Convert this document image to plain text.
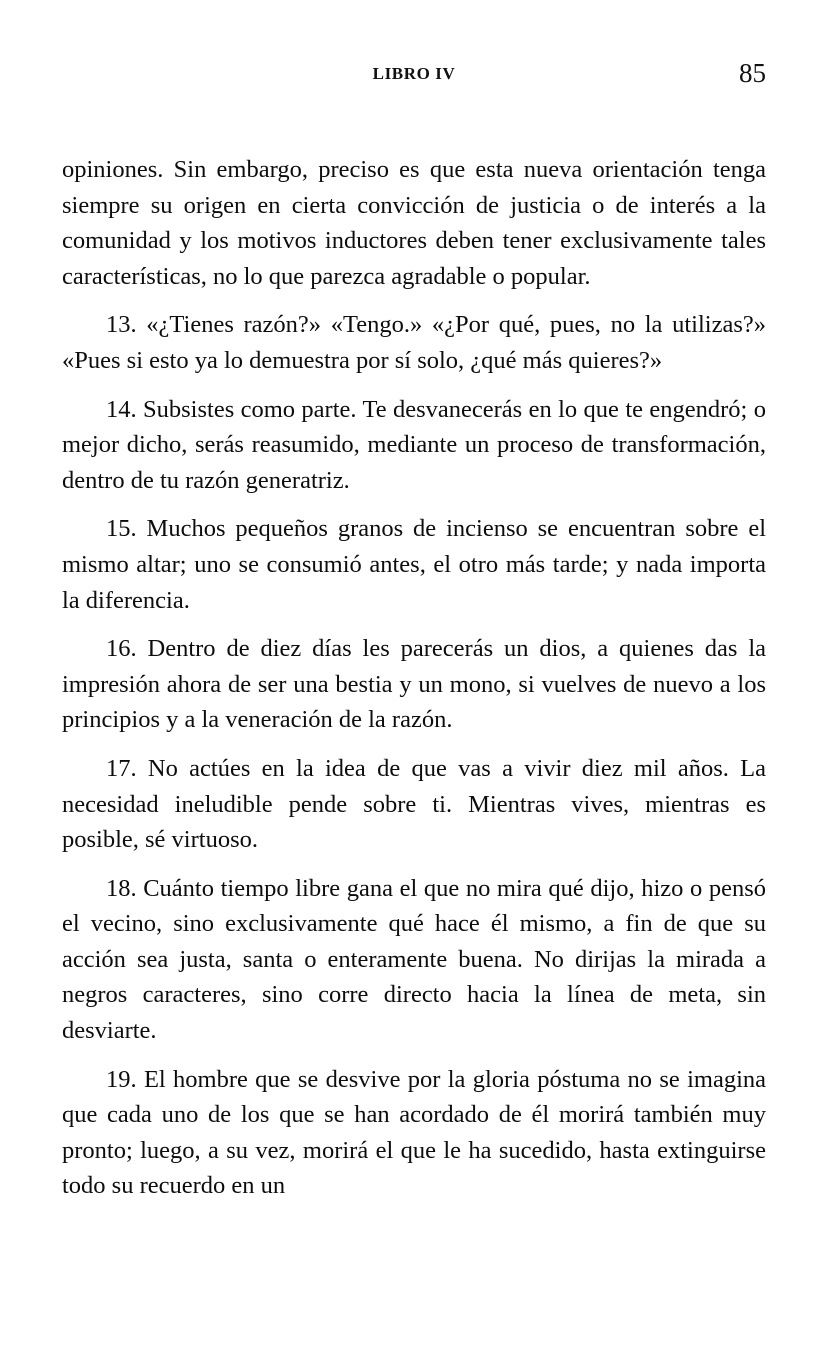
LIBRO IV	85

opiniones. Sin embargo, preciso es que esta nueva orientación tenga siempre su origen en cierta convicción de justicia o de interés a la comunidad y los motivos inductores deben tener exclusivamente tales características, no lo que parezca agradable o popular.

13. «¿Tienes razón?» «Tengo.» «¿Por qué, pues, no la utilizas?» «Pues si esto ya lo demuestra por sí solo, ¿qué más quieres?»

14. Subsistes como parte. Te desvanecerás en lo que te engendró; o mejor dicho, serás reasumido, mediante un proceso de transformación, dentro de tu razón generatriz.

15. Muchos pequeños granos de incienso se encuentran sobre el mismo altar; uno se consumió antes, el otro más tarde; y nada importa la diferencia.

16. Dentro de diez días les parecerás un dios, a quienes das la impresión ahora de ser una bestia y un mono, si vuelves de nuevo a los principios y a la veneración de la razón.

17. No actúes en la idea de que vas a vivir diez mil años. La necesidad ineludible pende sobre ti. Mientras vives, mientras es posible, sé virtuoso.

18. Cuánto tiempo libre gana el que no mira qué dijo, hizo o pensó el vecino, sino exclusivamente qué hace él mismo, a fin de que su acción sea justa, santa o enteramente buena. No dirijas la mirada a negros caracteres, sino corre directo hacia la línea de meta, sin desviarte.

19. El hombre que se desvive por la gloria póstuma no se imagina que cada uno de los que se han acordado de él morirá también muy pronto; luego, a su vez, morirá el que le ha sucedido, hasta extinguirse todo su recuerdo en un
